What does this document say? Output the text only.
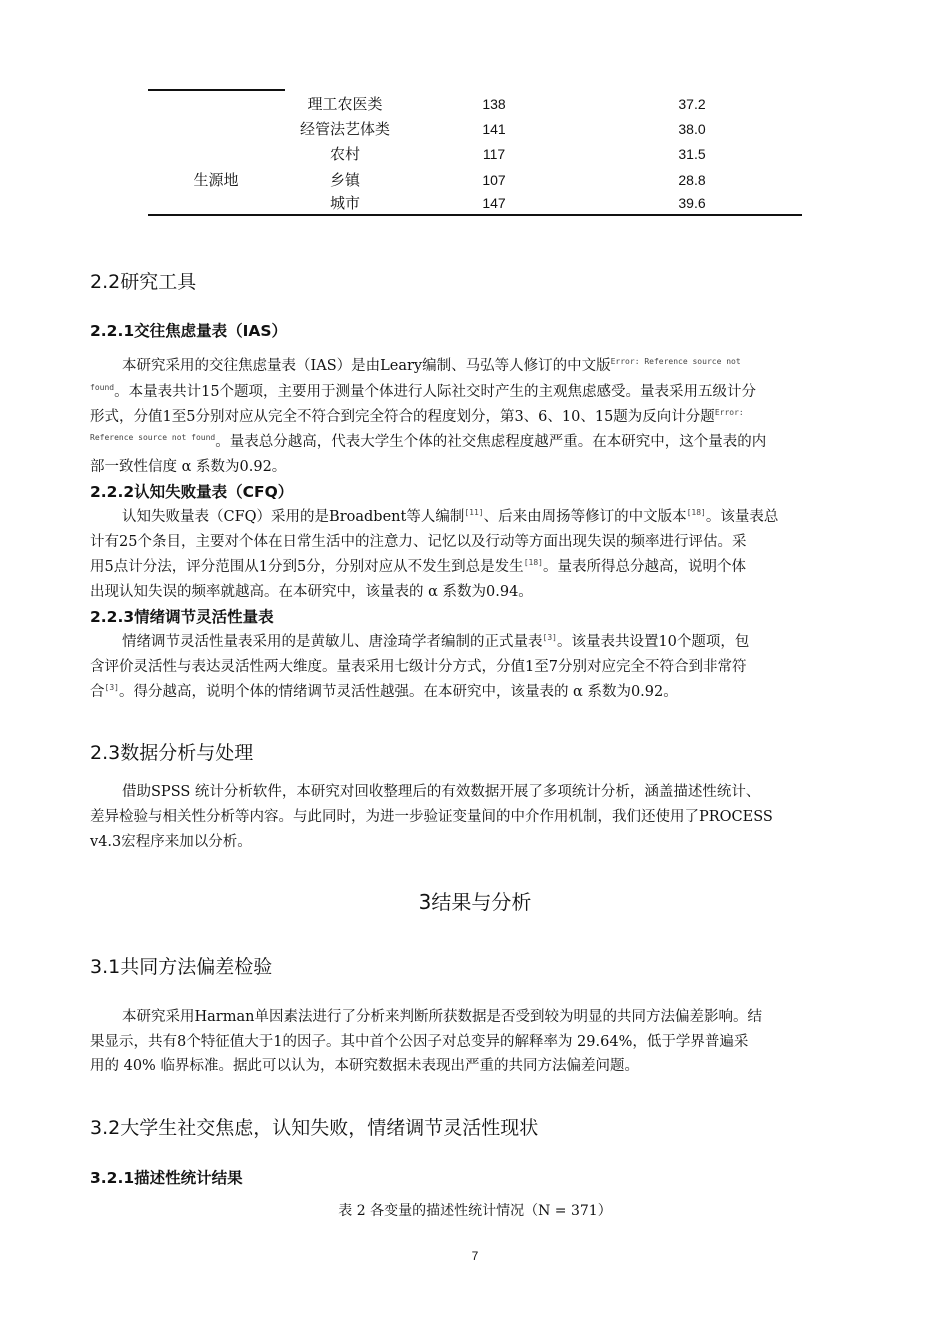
理工农医类	138	37.2
经管法艺体类	141	38.0
农村	117	31.5
生源地	乡镇	107	28.8
城市	147	39.6
2.2研究工具
2.2.1交往焦虑量表（IAS）
本研究采用的交往焦虑量表（IAS）是由Leary编制、马弘等人修订的中文版$^{Error: Reference source not}$
$^{found}$。本量表共计15个题项，主要用于测量个体进行人际社交时产生的主观焦虑感受。量表采用五级计分
形式，分值1至5分别对应从完全不符合到完全符合的程度划分，第3、6、10、15题为反向计分题$^{Error:}$
$^{Reference source not found}$。量表总分越高，代表大学生个体的社交焦虑程度越严重。在本研究中，这个量表的内
部一致性信度 α 系数为0.92。
2.2.2认知失败量表（CFQ）
认知失败量表（CFQ）采用的是Broadbent等人编制[11]、后来由周扬等修订的中文版本[18]。该量表总
计有25个条目，主要对个体在日常生活中的注意力、记忆以及行动等方面出现失误的频率进行评估。采
用5点计分法，评分范围从1分到5分，分别对应从不发生到总是发生[18]。量表所得总分越高，说明个体
出现认知失误的频率就越高。在本研究中，该量表的 α 系数为0.94。
2.2.3情绪调节灵活性量表
情绪调节灵活性量表采用的是黄敏儿、唐淦琦学者编制的正式量表[3]。该量表共设置10个题项，包
含评价灵活性与表达灵活性两大维度。量表采用七级计分方式，分值1至7分别对应完全不符合到非常符
合[3]。得分越高，说明个体的情绪调节灵活性越强。在本研究中，该量表的 α 系数为0.92。
2.3数据分析与处理
借助SPSS 统计分析软件，本研究对回收整理后的有效数据开展了多项统计分析，涵盖描述性统计、
差异检验与相关性分析等内容。与此同时，为进一步验证变量间的中介作用机制，我们还使用了PROCESS
v4.3宏程序来加以分析。
3结果与分析
3.1共同方法偏差检验
本研究采用Harman单因素法进行了分析来判断所获数据是否受到较为明显的共同方法偏差影响。结
果显示，共有8个特征值大于1的因子。其中首个公因子对总变异的解释率为 29.64%，低于学界普遍采
用的 40% 临界标准。据此可以认为，本研究数据未表现出严重的共同方法偏差问题。
3.2大学生社交焦虑，认知失败，情绪调节灵活性现状
3.2.1描述性统计结果
表 2 各变量的描述性统计情况（N = 371）
7
